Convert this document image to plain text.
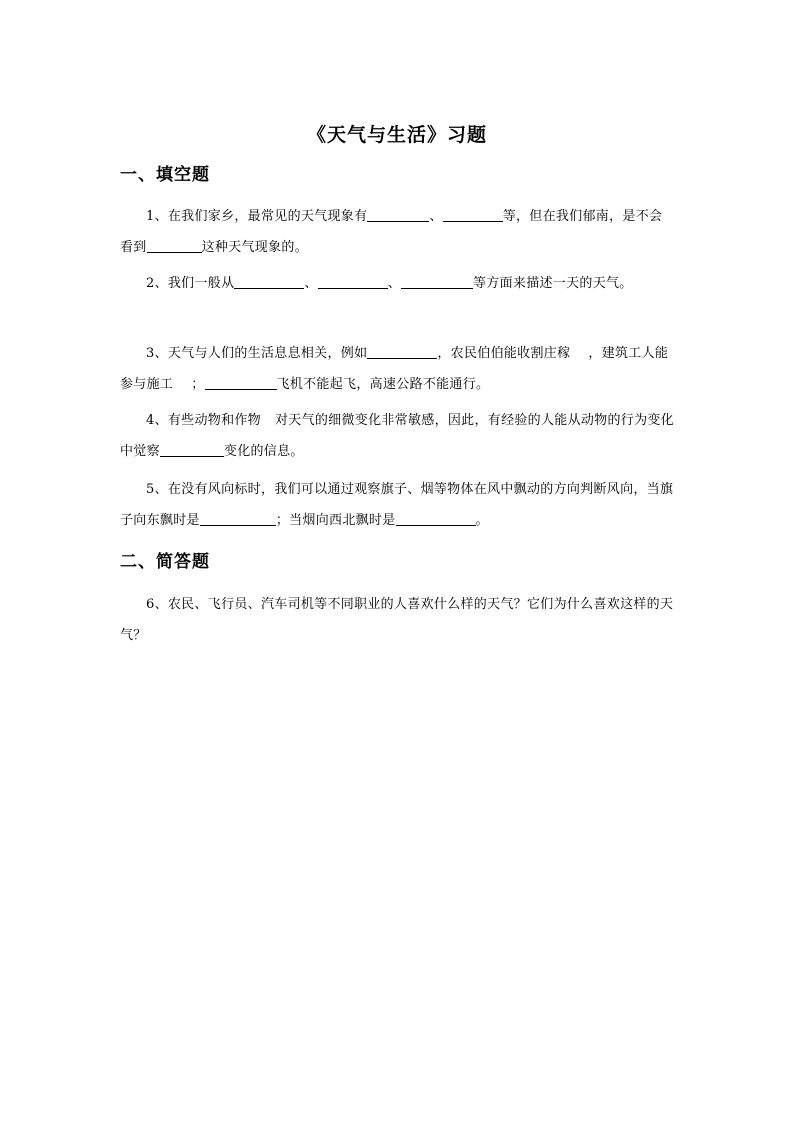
《天气与生活》习题
一、填空题
1、在我们家乡，最常见的天气现象有	、	等，但在我们郁南，是不会看到	这种天气现象的。
2、我们一般从	、	、	等方面来描述一天的天气。
3、天气与人们的生活息息相关，例如	，农民伯伯能收割庄稼 ，建筑工人能参与施工 ；	飞机不能起飞，高速公路不能通行。
4、有些动物和作物 对天气的细微变化非常敏感，因此，有经验的人能从动物的行为变化中觉察	变化的信息。
5、在没有风向标时，我们可以通过观察旗子、烟等物体在风中飘动的方向判断风向，当旗子向东飘时是	；当烟向西北飘时是	。
二、简答题
6、农民、飞行员、汽车司机等不同职业的人喜欢什么样的天气？它们为什么喜欢这样的天气？
